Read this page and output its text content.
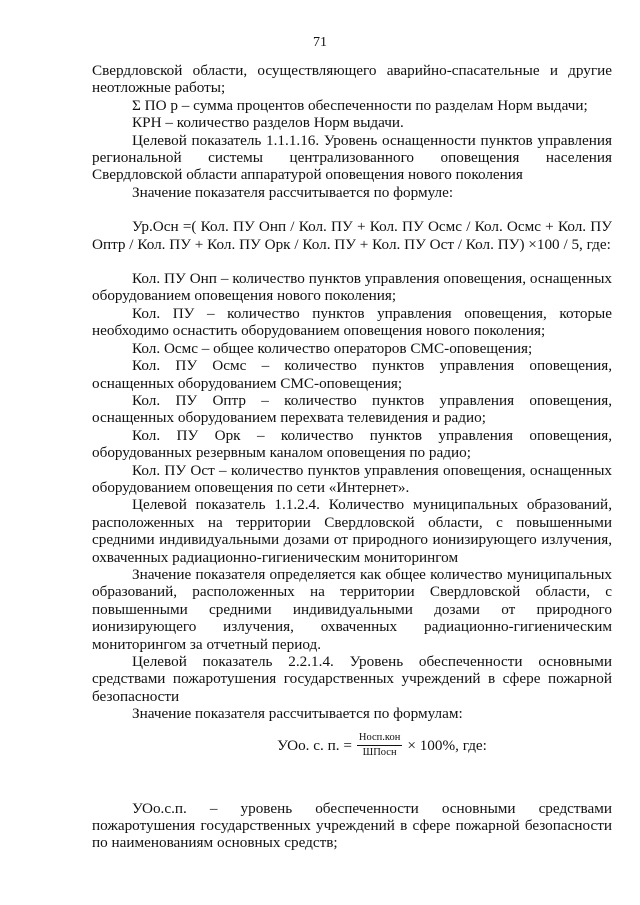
71

Свердловской области, осуществляющего аварийно-спасательные и другие неотложные работы;

Σ ПО р – сумма процентов обеспеченности по разделам Норм выдачи;

КРН – количество разделов Норм выдачи.

Целевой показатель 1.1.1.16. Уровень оснащенности пунктов управления региональной системы централизованного оповещения населения Свердловской области аппаратурой оповещения нового поколения

Значение показателя рассчитывается по формуле:

Ур.Осн =( Кол. ПУ Онп / Кол. ПУ + Кол. ПУ Осмс / Кол. Осмс + Кол. ПУ Оптр / Кол. ПУ + Кол. ПУ Орк / Кол. ПУ + Кол. ПУ Ост / Кол. ПУ) ×100 / 5, где:

Кол. ПУ Онп – количество пунктов управления оповещения, оснащенных оборудованием оповещения нового поколения;

Кол. ПУ – количество пунктов управления оповещения, которые необходимо оснастить оборудованием оповещения нового поколения;

Кол. Осмс – общее количество операторов СМС-оповещения;

Кол. ПУ Осмс – количество пунктов управления оповещения, оснащенных оборудованием СМС-оповещения;

Кол. ПУ Оптр – количество пунктов управления оповещения, оснащенных оборудованием перехвата телевидения и радио;

Кол. ПУ Орк – количество пунктов управления оповещения, оборудованных резервным каналом оповещения по радио;

Кол. ПУ Ост – количество пунктов управления оповещения, оснащенных оборудованием оповещения по сети «Интернет».

Целевой показатель 1.1.2.4. Количество муниципальных образований, расположенных на территории Свердловской области, с повышенными средними индивидуальными дозами от природного ионизирующего излучения, охваченных радиационно-гигиеническим мониторингом

Значение показателя определяется как общее количество муниципальных образований, расположенных на территории Свердловской области, с повышенными средними индивидуальными дозами от природного ионизирующего излучения, охваченных радиационно-гигиеническим мониторингом за отчетный период.

Целевой показатель 2.2.1.4. Уровень обеспеченности основными средствами пожаротушения государственных учреждений в сфере пожарной безопасности

Значение показателя рассчитывается по формулам:

УОо. с. п. = $\frac{\text{Носп.кон}}{\text{ШПосн}} \times 100\%$, где:

УОо.с.п. – уровень обеспеченности основными средствами пожаротушения государственных учреждений в сфере пожарной безопасности по наименованиям основных средств;
